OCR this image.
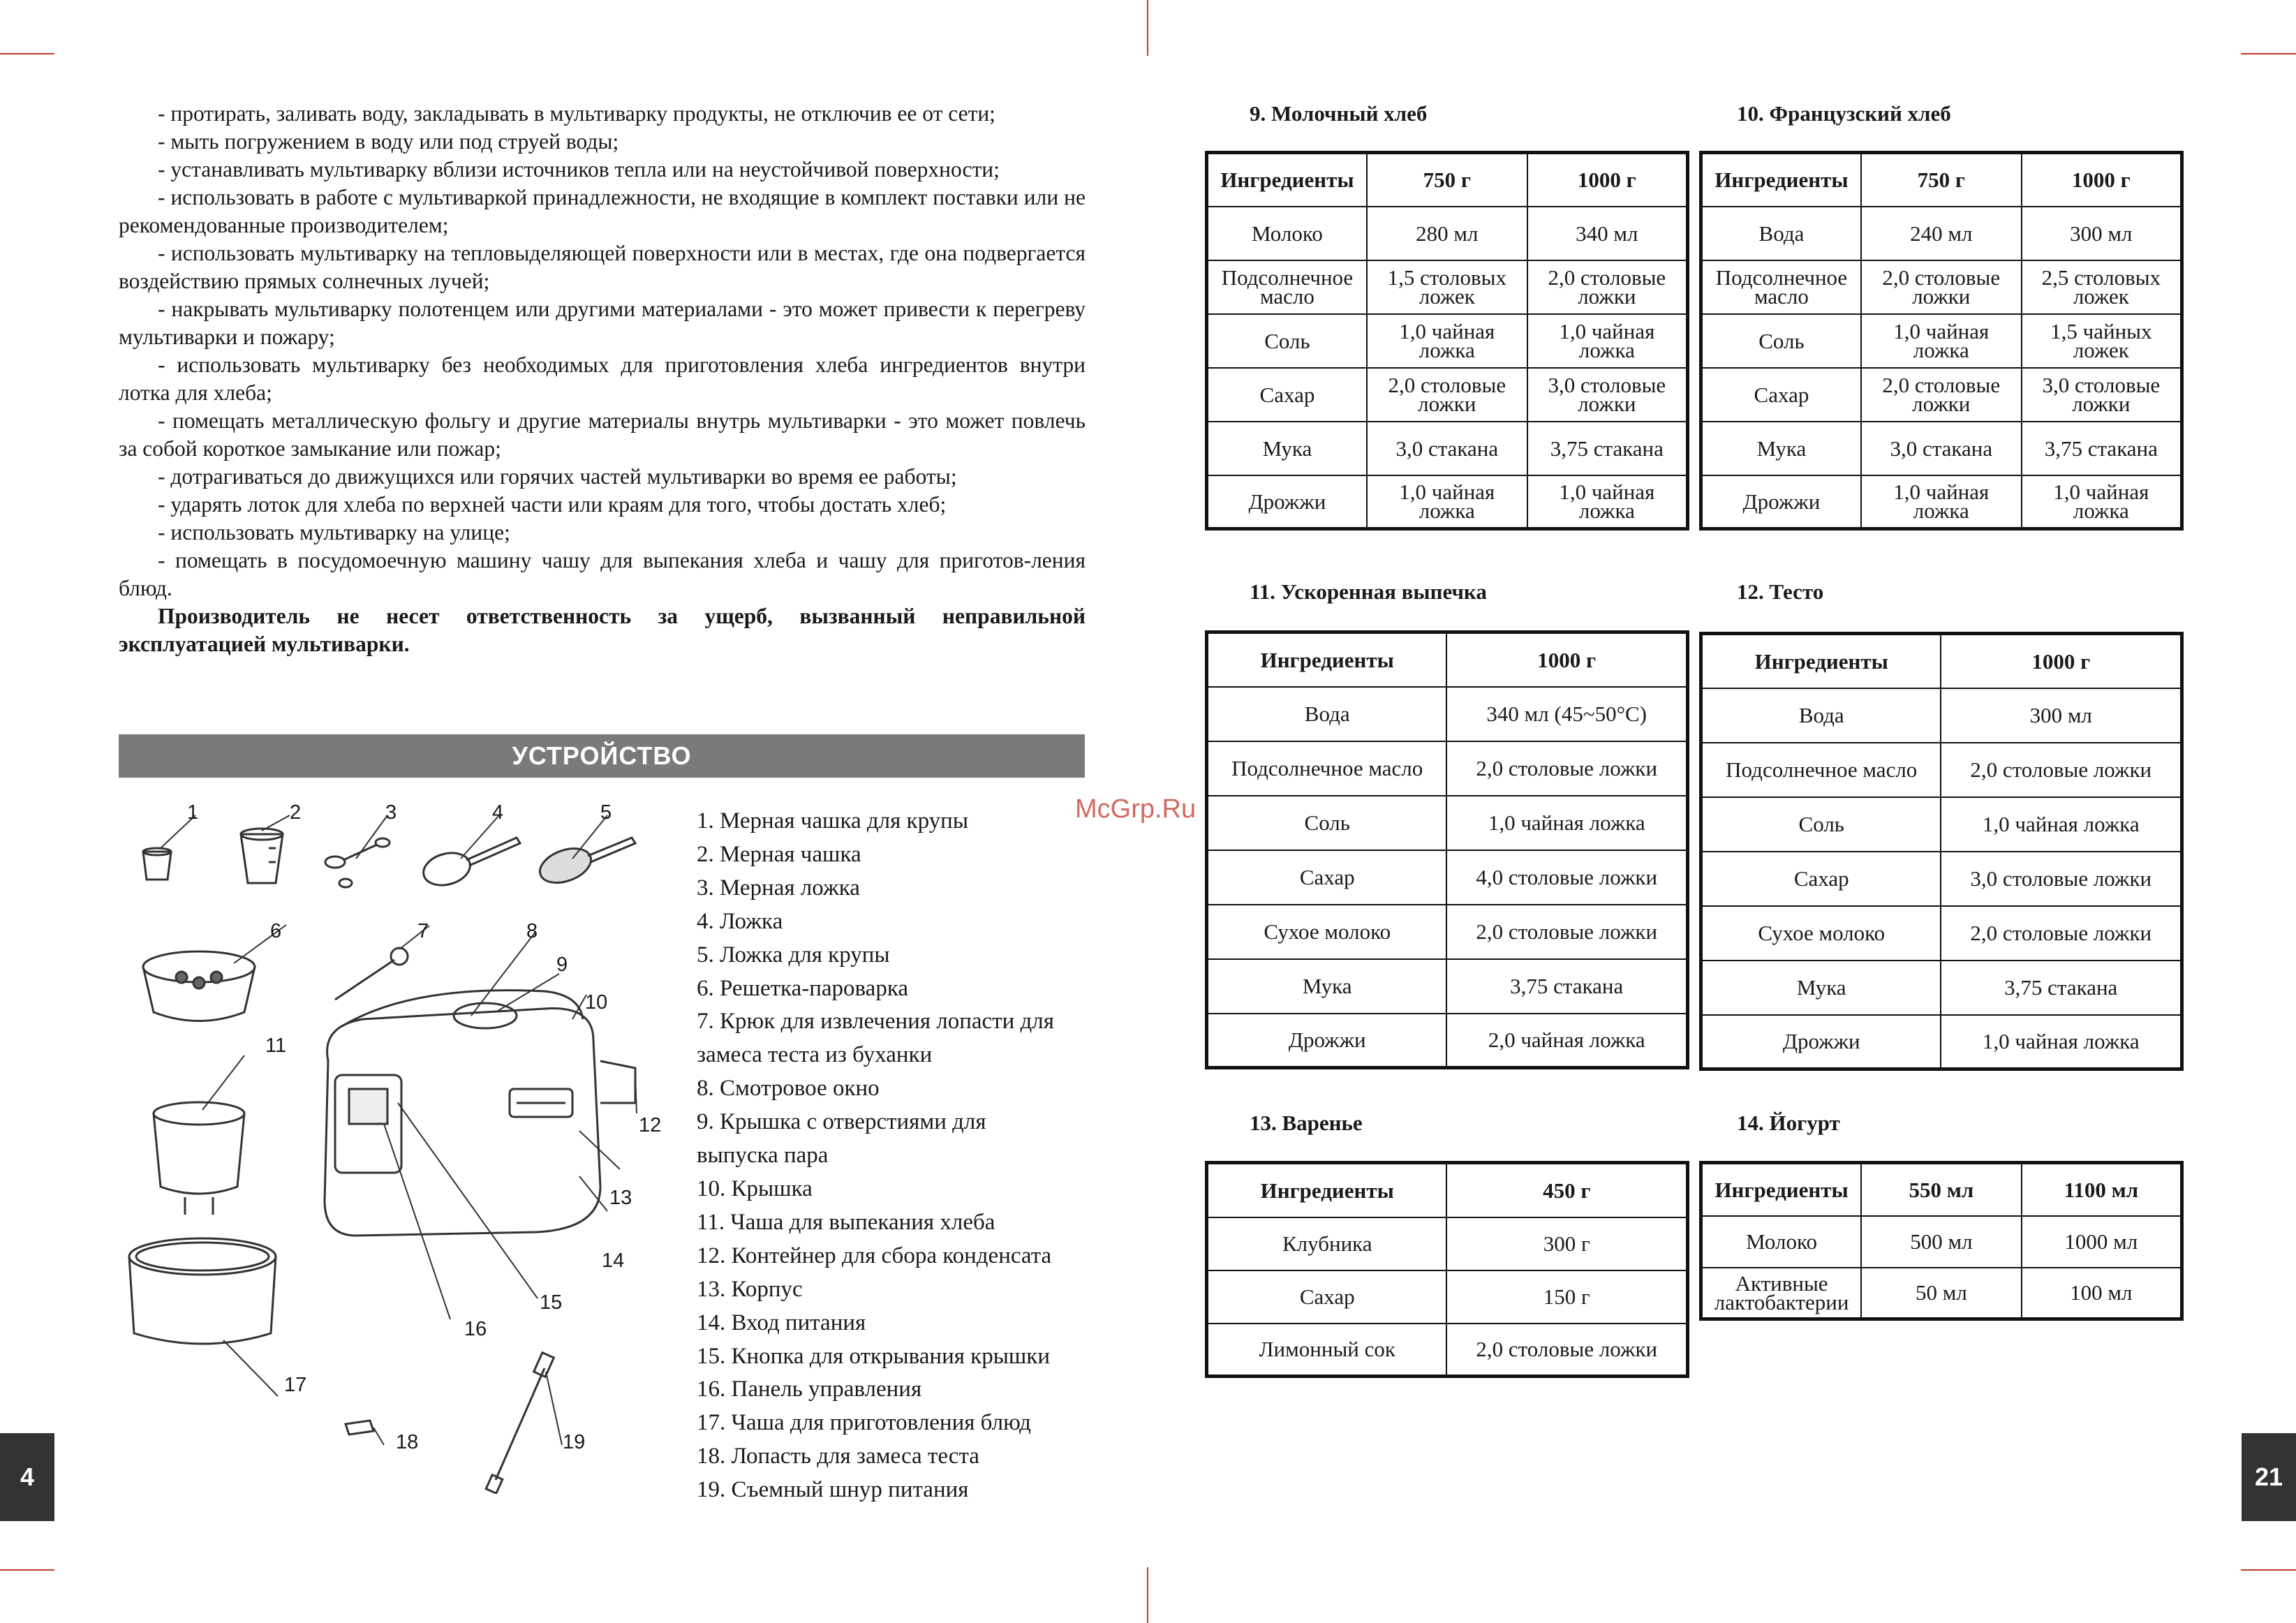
- протирать, заливать воду, закладывать в мультиварку продукты, не отключив ее от сети;

- мыть погружением в воду или под струей воды;

- устанавливать мультиварку вблизи источников тепла или на неустойчивой поверхности;

- использовать в работе с мультиваркой принадлежности, не входящие в комплект поставки или не рекомендованные производителем;

- использовать мультиварку на тепловыделяющей поверхности или в местах, где она подвергается воздействию прямых солнечных лучей;

- накрывать мультиварку полотенцем или другими материалами - это может привести к перегреву мультиварки и пожару;

- использовать мультиварку без необходимых для приготовления хлеба ингредиентов внутри лотка для хлеба;

- помещать металлическую фольгу и другие материалы внутрь мультиварки - это может повлечь за собой короткое замыкание или пожар;

- дотрагиваться до движущихся или горячих частей мультиварки во время ее работы;

- ударять лоток для хлеба по верхней части или краям для того, чтобы достать хлеб;

- использовать мультиварку на улице;

- помещать в посудомоечную машину чашу для выпекания хлеба и чашу для приготов-ления блюд.

Производитель не несет ответственность за ущерб, вызванный неправильной эксплуатацией мультиварки.

УСТРОЙСТВО
1	2	3	4	5
6	7	8
9
10
11
12
13
14
15
16
17
18	19
1. Мерная чашка для крупы
2. Мерная чашка
3. Мерная ложка
4. Ложка
5. Ложка для крупы
6. Решетка-пароварка
7. Крюк для извлечения лопасти для
замеса теста из буханки
8. Смотровое окно
9. Крышка с отверстиями для
выпуска пара
10. Крышка
11. Чаша для выпекания хлеба
12. Контейнер для сбора конденсата
13. Корпус
14. Вход питания
15. Кнопка для открывания крышки
16. Панель управления
17. Чаша для приготовления блюд
18. Лопасть для замеса теста
19. Съемный шнур питания
4
McGrp.Ru
9. Молочный хлеб
Ингредиенты	750 г	1000 г
Молоко	280 мл	340 мл
Подсолнечное масло	1,5 столовых ложек	2,0 столовые ложки
Соль	1,0 чайная ложка	1,0 чайная ложка
Сахар	2,0 столовые ложки	3,0 столовые ложки
Мука	3,0 стакана	3,75 стакана
Дрожжи	1,0 чайная ложка	1,0 чайная ложка
10. Французский хлеб
Ингредиенты	750 г	1000 г
Вода	240 мл	300 мл
Подсолнечное масло	2,0 столовые ложки	2,5 столовых ложек
Соль	1,0 чайная ложка	1,5 чайных ложек
Сахар	2,0 столовые ложки	3,0 столовые ложки
Мука	3,0 стакана	3,75 стакана
Дрожжи	1,0 чайная ложка	1,0 чайная ложка
11. Ускоренная выпечка
Ингредиенты	1000 г
Вода	340 мл (45~50°С)
Подсолнечное масло	2,0 столовые ложки
Соль	1,0 чайная ложка
Сахар	4,0 столовые ложки
Сухое молоко	2,0 столовые ложки
Мука	3,75 стакана
Дрожжи	2,0 чайная ложка
12. Тесто
Ингредиенты	1000 г
Вода	300 мл
Подсолнечное масло	2,0 столовые ложки
Соль	1,0 чайная ложка
Сахар	3,0 столовые ложки
Сухое молоко	2,0 столовые ложки
Мука	3,75 стакана
Дрожжи	1,0 чайная ложка
13. Варенье
Ингредиенты	450 г
Клубника	300 г
Сахар	150 г
Лимонный сок	2,0 столовые ложки
14. Йогурт
Ингредиенты	550 мл	1100 мл
Молоко	500 мл	1000 мл
Активные лактобактерии	50 мл	100 мл
21
